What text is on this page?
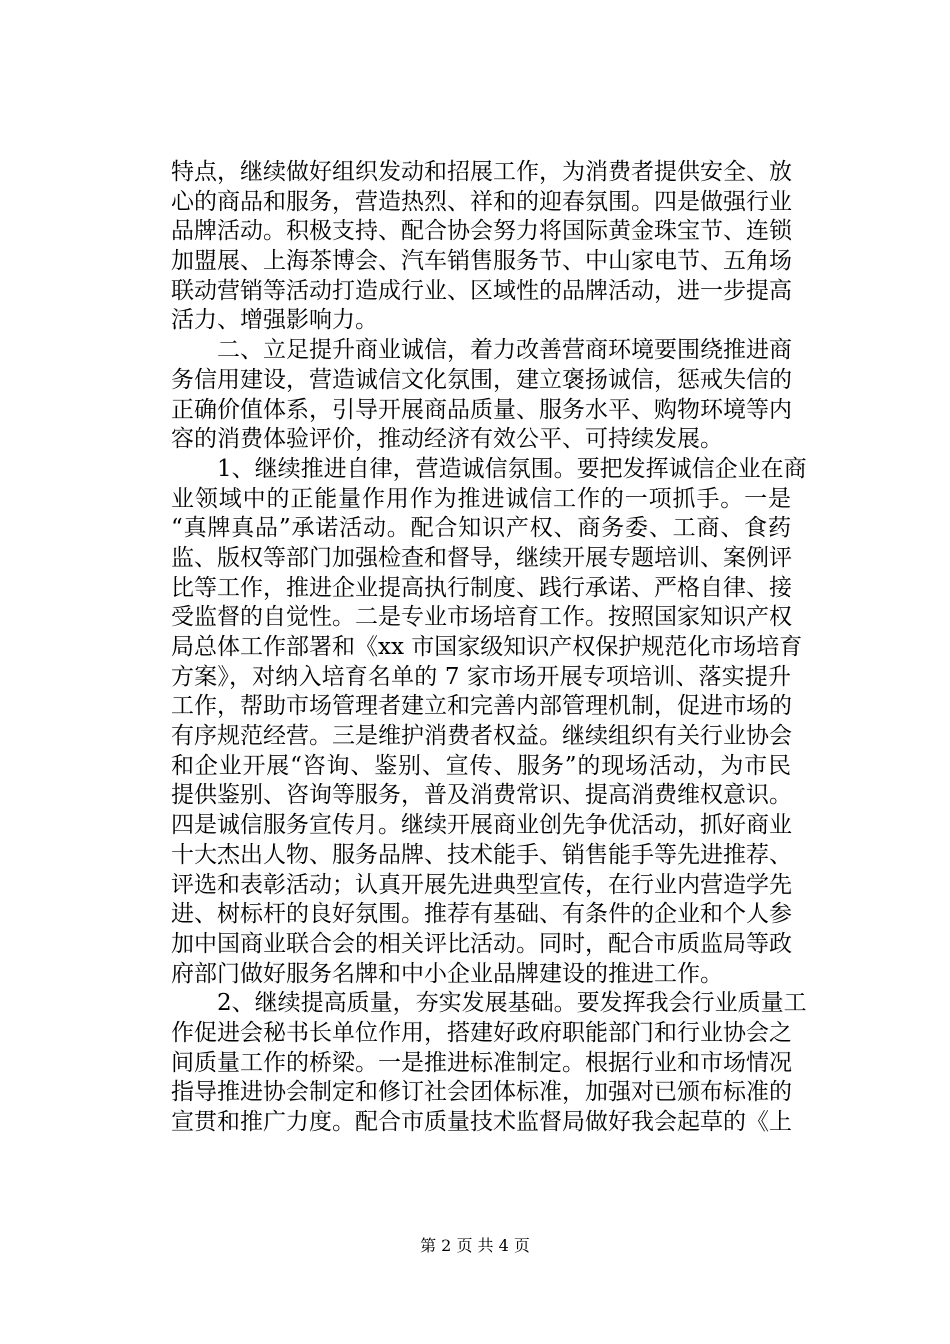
特点，继续做好组织发动和招展工作，为消费者提供安全、放
心的商品和服务，营造热烈、祥和的迎春氛围。四是做强行业
品牌活动。积极支持、配合协会努力将国际黄金珠宝节、连锁
加盟展、上海茶博会、汽车销售服务节、中山家电节、五角场
联动营销等活动打造成行业、区域性的品牌活动，进一步提高
活力、增强影响力。
　　二、立足提升商业诚信，着力改善营商环境要围绕推进商
务信用建设，营造诚信文化氛围，建立褒扬诚信，惩戒失信的
正确价值体系，引导开展商品质量、服务水平、购物环境等内
容的消费体验评价，推动经济有效公平、可持续发展。
　　1、继续推进自律，营造诚信氛围。要把发挥诚信企业在商
业领域中的正能量作用作为推进诚信工作的一项抓手。一是
“真牌真品”承诺活动。配合知识产权、商务委、工商、食药
监、版权等部门加强检查和督导，继续开展专题培训、案例评
比等工作，推进企业提高执行制度、践行承诺、严格自律、接
受监督的自觉性。二是专业市场培育工作。按照国家知识产权
局总体工作部署和《xx 市国家级知识产权保护规范化市场培育
方案》，对纳入培育名单的 7 家市场开展专项培训、落实提升
工作，帮助市场管理者建立和完善内部管理机制，促进市场的
有序规范经营。三是维护消费者权益。继续组织有关行业协会
和企业开展“咨询、鉴别、宣传、服务”的现场活动，为市民
提供鉴别、咨询等服务，普及消费常识、提高消费维权意识。
四是诚信服务宣传月。继续开展商业创先争优活动，抓好商业
十大杰出人物、服务品牌、技术能手、销售能手等先进推荐、
评选和表彰活动；认真开展先进典型宣传，在行业内营造学先
进、树标杆的良好氛围。推荐有基础、有条件的企业和个人参
加中国商业联合会的相关评比活动。同时，配合市质监局等政
府部门做好服务名牌和中小企业品牌建设的推进工作。
　　2、继续提高质量，夯实发展基础。要发挥我会行业质量工
作促进会秘书长单位作用，搭建好政府职能部门和行业协会之
间质量工作的桥梁。一是推进标准制定。根据行业和市场情况
指导推进协会制定和修订社会团体标准，加强对已颁布标准的
宣贯和推广力度。配合市质量技术监督局做好我会起草的《上
第 2 页 共 4 页
